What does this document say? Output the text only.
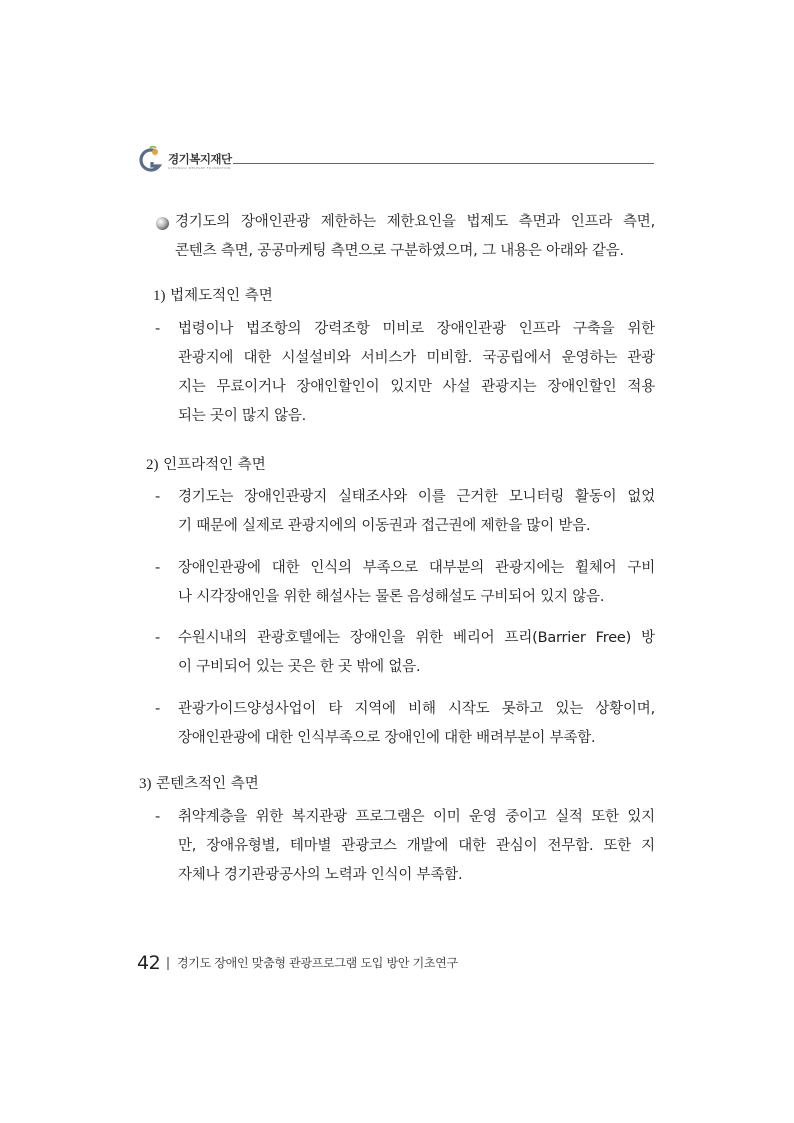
경기복지재단
GYEONGGI WELFARE FOUNDATION
경기도의 장애인관광 제한하는 제한요인을 법제도 측면과 인프라 측면,
콘텐츠 측면, 공공마케팅 측면으로 구분하였으며, 그 내용은 아래와 같음.
1) 법제도적인 측면
- 법령이나 법조항의 강력조항 미비로 장애인관광 인프라 구축을 위한
관광지에 대한 시설설비와 서비스가 미비함. 국공립에서 운영하는 관광
지는 무료이거나 장애인할인이 있지만 사설 관광지는 장애인할인 적용
되는 곳이 많지 않음.
2) 인프라적인 측면
- 경기도는 장애인관광지 실태조사와 이를 근거한 모니터링 활동이 없었
기 때문에 실제로 관광지에의 이동권과 접근권에 제한을 많이 받음.
- 장애인관광에 대한 인식의 부족으로 대부분의 관광지에는 휠체어 구비
나 시각장애인을 위한 해설사는 물론 음성해설도 구비되어 있지 않음.
- 수원시내의 관광호텔에는 장애인을 위한 베리어 프리(Barrier Free) 방
이 구비되어 있는 곳은 한 곳 밖에 없음.
- 관광가이드양성사업이 타 지역에 비해 시작도 못하고 있는 상황이며,
장애인관광에 대한 인식부족으로 장애인에 대한 배려부분이 부족함.
3) 콘텐츠적인 측면
- 취약계층을 위한 복지관광 프로그램은 이미 운영 중이고 실적 또한 있지
만, 장애유형별, 테마별 관광코스 개발에 대한 관심이 전무함. 또한 지
자체나 경기관광공사의 노력과 인식이 부족함.
42 경기도 장애인 맞춤형 관광프로그램 도입 방안 기초연구
